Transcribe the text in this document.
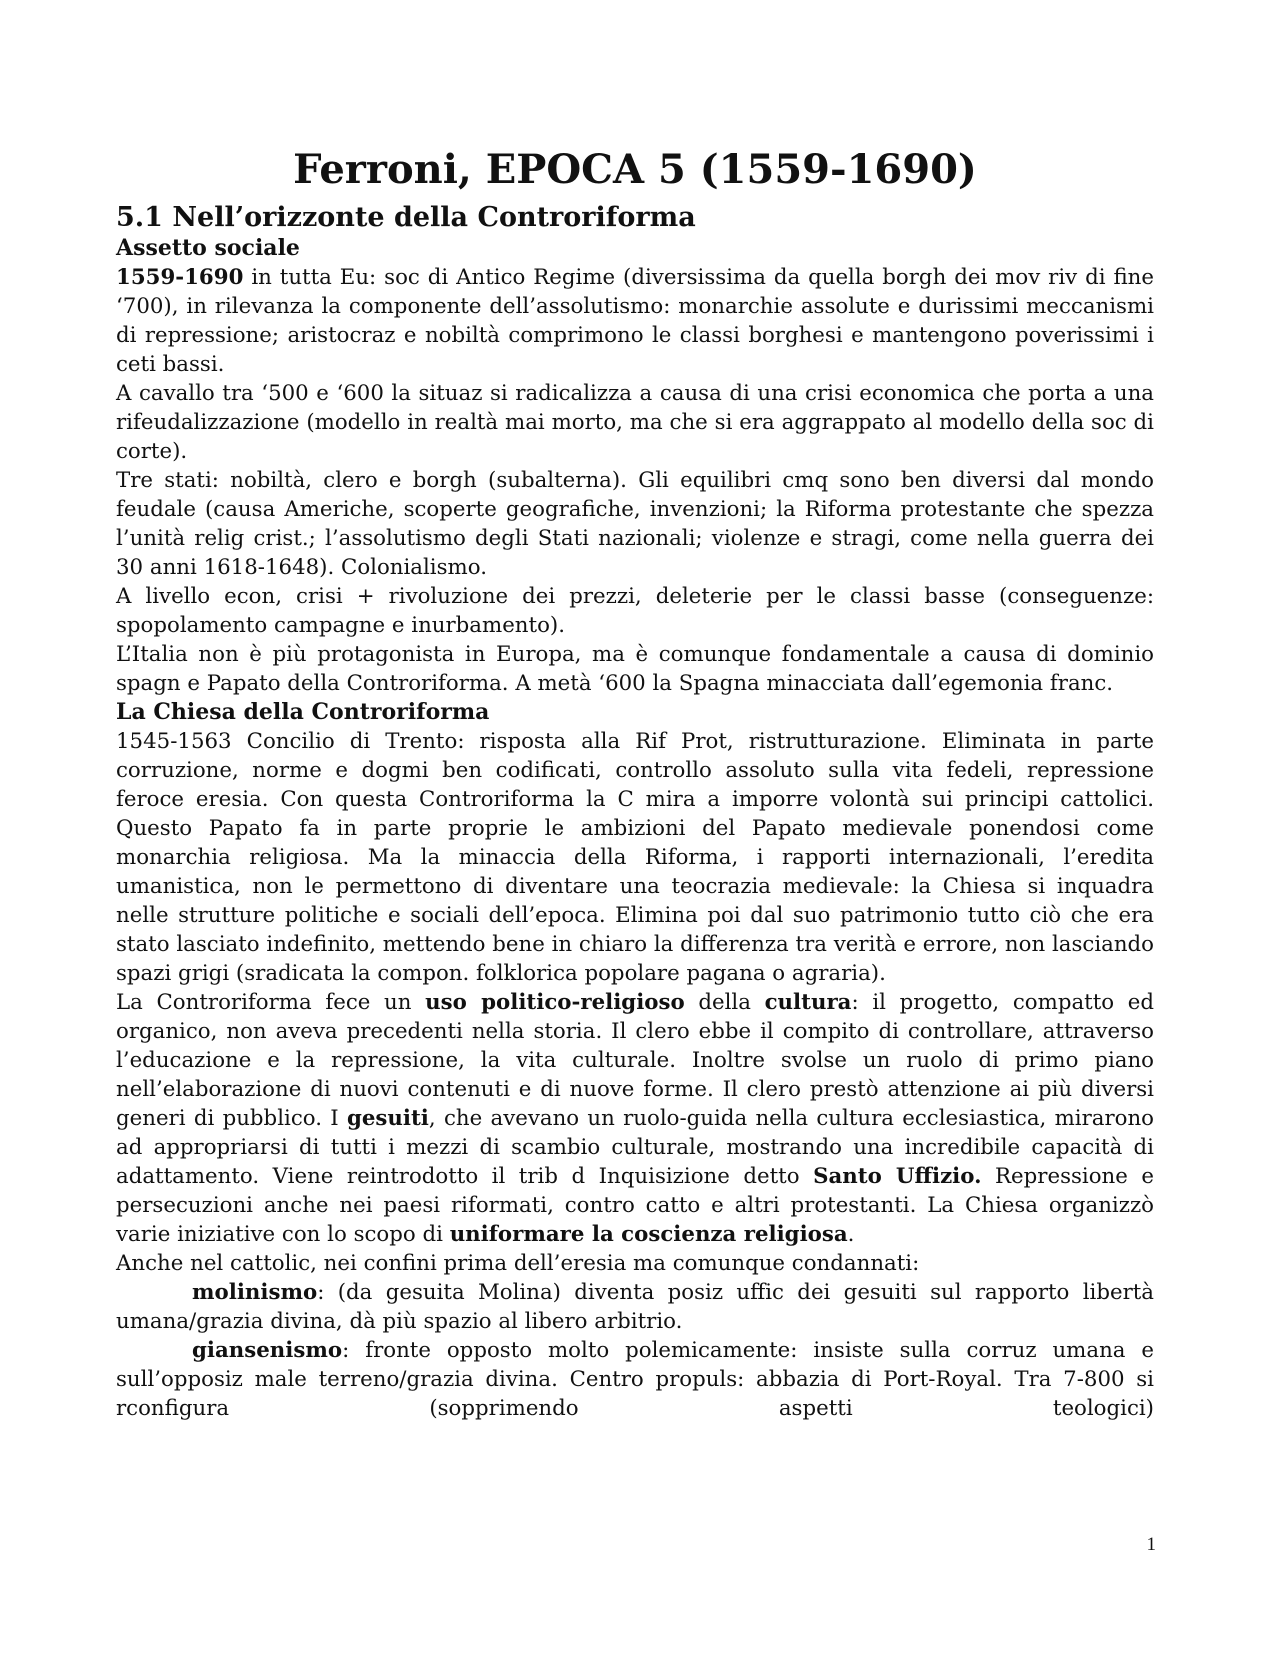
Ferroni, EPOCA 5 (1559-1690)
5.1 Nell’orizzonte della Controriforma
Assetto sociale

1559-1690 in tutta Eu: soc di Antico Regime (diversissima da quella borgh dei mov riv di fine ‘700), in rilevanza la componente dell’assolutismo: monarchie assolute e durissimi meccanismi di repressione; aristocraz e nobiltà comprimono le classi borghesi e mantengono poverissimi i ceti bassi.

A cavallo tra ‘500 e ‘600 la situaz si radicalizza a causa di una crisi economica che porta a una rifeudalizzazione (modello in realtà mai morto, ma che si era aggrappato al modello della soc di corte).

Tre stati: nobiltà, clero e borgh (subalterna). Gli equilibri cmq sono ben diversi dal mondo feudale (causa Americhe, scoperte geografiche, invenzioni; la Riforma protestante che spezza l’unità relig crist.; l’assolutismo degli Stati nazionali; violenze e stragi, come nella guerra dei 30 anni 1618-1648). Colonialismo.

A livello econ, crisi + rivoluzione dei prezzi, deleterie per le classi basse (conseguenze: spopolamento campagne e inurbamento).

L’Italia non è più protagonista in Europa, ma è comunque fondamentale a causa di dominio spagn e Papato della Controriforma. A metà ‘600 la Spagna minacciata dall’egemonia franc.

La Chiesa della Controriforma

1545-1563 Concilio di Trento: risposta alla Rif Prot, ristrutturazione. Eliminata in parte corruzione, norme e dogmi ben codificati, controllo assoluto sulla vita fedeli, repressione feroce eresia. Con questa Controriforma la C mira a imporre volontà sui principi cattolici. Questo Papato fa in parte proprie le ambizioni del Papato medievale ponendosi come monarchia religiosa. Ma la minaccia della Riforma, i rapporti internazionali, l’eredita umanistica, non le permettono di diventare una teocrazia medievale: la Chiesa si inquadra nelle strutture politiche e sociali dell’epoca. Elimina poi dal suo patrimonio tutto ciò che era stato lasciato indefinito, mettendo bene in chiaro la differenza tra verità e errore, non lasciando spazi grigi (sradicata la compon. folklorica popolare pagana o agraria).

La Controriforma fece un uso politico-religioso della cultura: il progetto, compatto ed organico, non aveva precedenti nella storia. Il clero ebbe il compito di controllare, attraverso l’educazione e la repressione, la vita culturale. Inoltre svolse un ruolo di primo piano nell’elaborazione di nuovi contenuti e di nuove forme. Il clero prestò attenzione ai più diversi generi di pubblico. I gesuiti, che avevano un ruolo-guida nella cultura ecclesiastica, mirarono ad appropriarsi di tutti i mezzi di scambio culturale, mostrando una incredibile capacità di adattamento. Viene reintrodotto il trib d Inquisizione detto Santo Uffizio. Repressione e persecuzioni anche nei paesi riformati, contro catto e altri protestanti. La Chiesa organizzò varie iniziative con lo scopo di uniformare la coscienza religiosa.

Anche nel cattolic, nei confini prima dell’eresia ma comunque condannati:

molinismo: (da gesuita Molina) diventa posiz uffic dei gesuiti sul rapporto libertà umana/grazia divina, dà più spazio al libero arbitrio.

giansenismo: fronte opposto molto polemicamente: insiste sulla corruz umana e sull’opposiz male terreno/grazia divina. Centro propuls: abbazia di Port-Royal. Tra 7-800 si rconfigura (sopprimendo aspetti teologici)

1
